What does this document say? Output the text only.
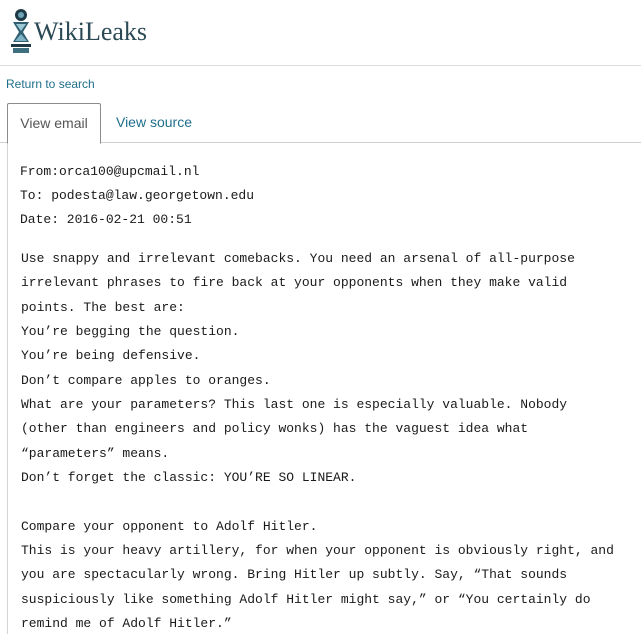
WikiLeaks
Return to search
View email	View source
From:orca100@upcmail.nl
To: podesta@law.georgetown.edu
Date: 2016-02-21 00:51
Use snappy and irrelevant comebacks. You need an arsenal of all-purpose
irrelevant phrases to fire back at your opponents when they make valid
points. The best are:
You’re begging the question.
You’re being defensive.
Don’t compare apples to oranges.
What are your parameters? This last one is especially valuable. Nobody
(other than engineers and policy wonks) has the vaguest idea what
“parameters” means.
Don’t forget the classic: YOU’RE SO LINEAR.
Compare your opponent to Adolf Hitler.
This is your heavy artillery, for when your opponent is obviously right, and
you are spectacularly wrong. Bring Hitler up subtly. Say, “That sounds
suspiciously like something Adolf Hitler might say,” or “You certainly do
remind me of Adolf Hitler.”
